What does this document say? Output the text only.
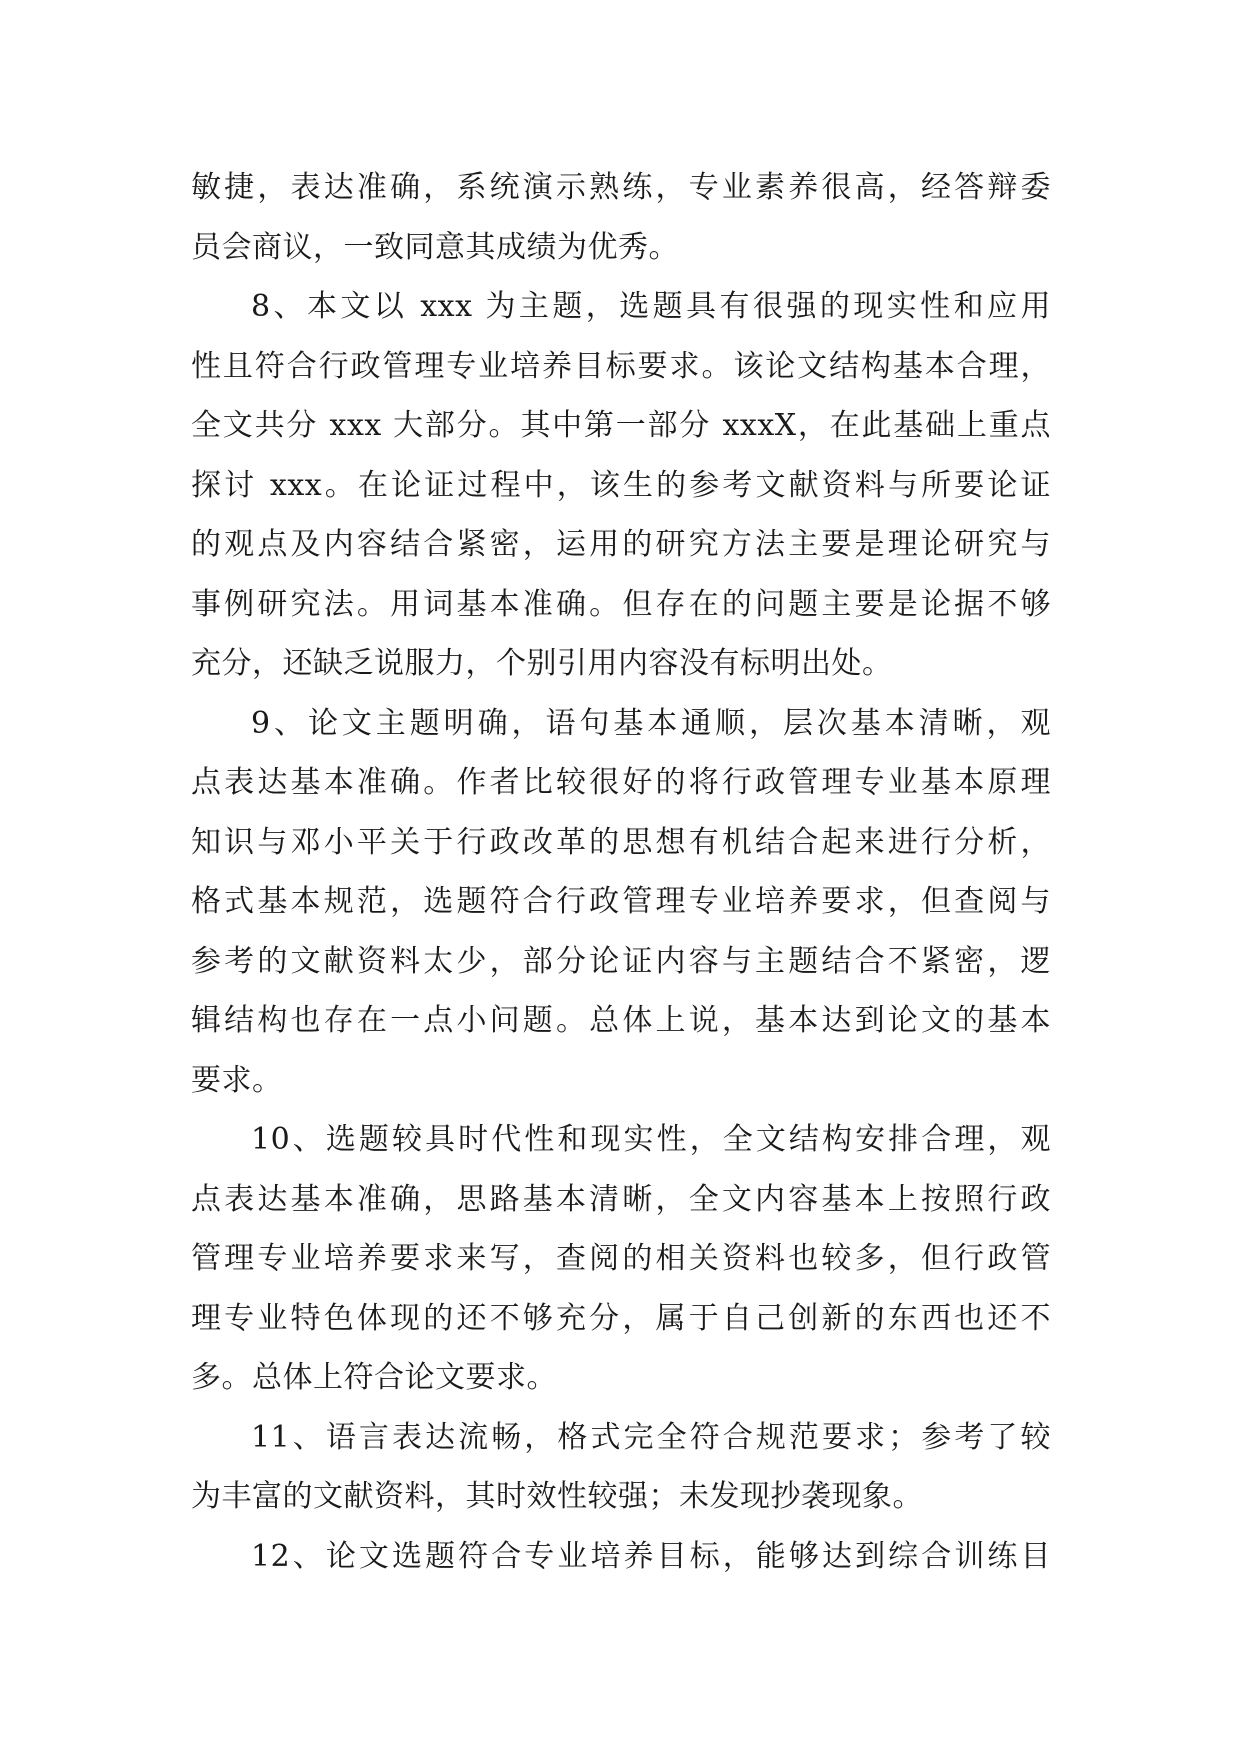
敏捷，表达准确，系统演示熟练，专业素养很高，经答辩委
员会商议，一致同意其成绩为优秀。
8、本文以 xxx 为主题，选题具有很强的现实性和应用
性且符合行政管理专业培养目标要求。该论文结构基本合理，
全文共分 xxx 大部分。其中第一部分 xxxX，在此基础上重点
探讨 xxx。在论证过程中，该生的参考文献资料与所要论证
的观点及内容结合紧密，运用的研究方法主要是理论研究与
事例研究法。用词基本准确。但存在的问题主要是论据不够
充分，还缺乏说服力，个别引用内容没有标明出处。
9、论文主题明确，语句基本通顺，层次基本清晰，观
点表达基本准确。作者比较很好的将行政管理专业基本原理
知识与邓小平关于行政改革的思想有机结合起来进行分析，
格式基本规范，选题符合行政管理专业培养要求，但查阅与
参考的文献资料太少，部分论证内容与主题结合不紧密，逻
辑结构也存在一点小问题。总体上说，基本达到论文的基本
要求。
10、选题较具时代性和现实性，全文结构安排合理，观
点表达基本准确，思路基本清晰，全文内容基本上按照行政
管理专业培养要求来写，查阅的相关资料也较多，但行政管
理专业特色体现的还不够充分，属于自己创新的东西也还不
多。总体上符合论文要求。
11、语言表达流畅，格式完全符合规范要求；参考了较
为丰富的文献资料，其时效性较强；未发现抄袭现象。
12、论文选题符合专业培养目标，能够达到综合训练目
